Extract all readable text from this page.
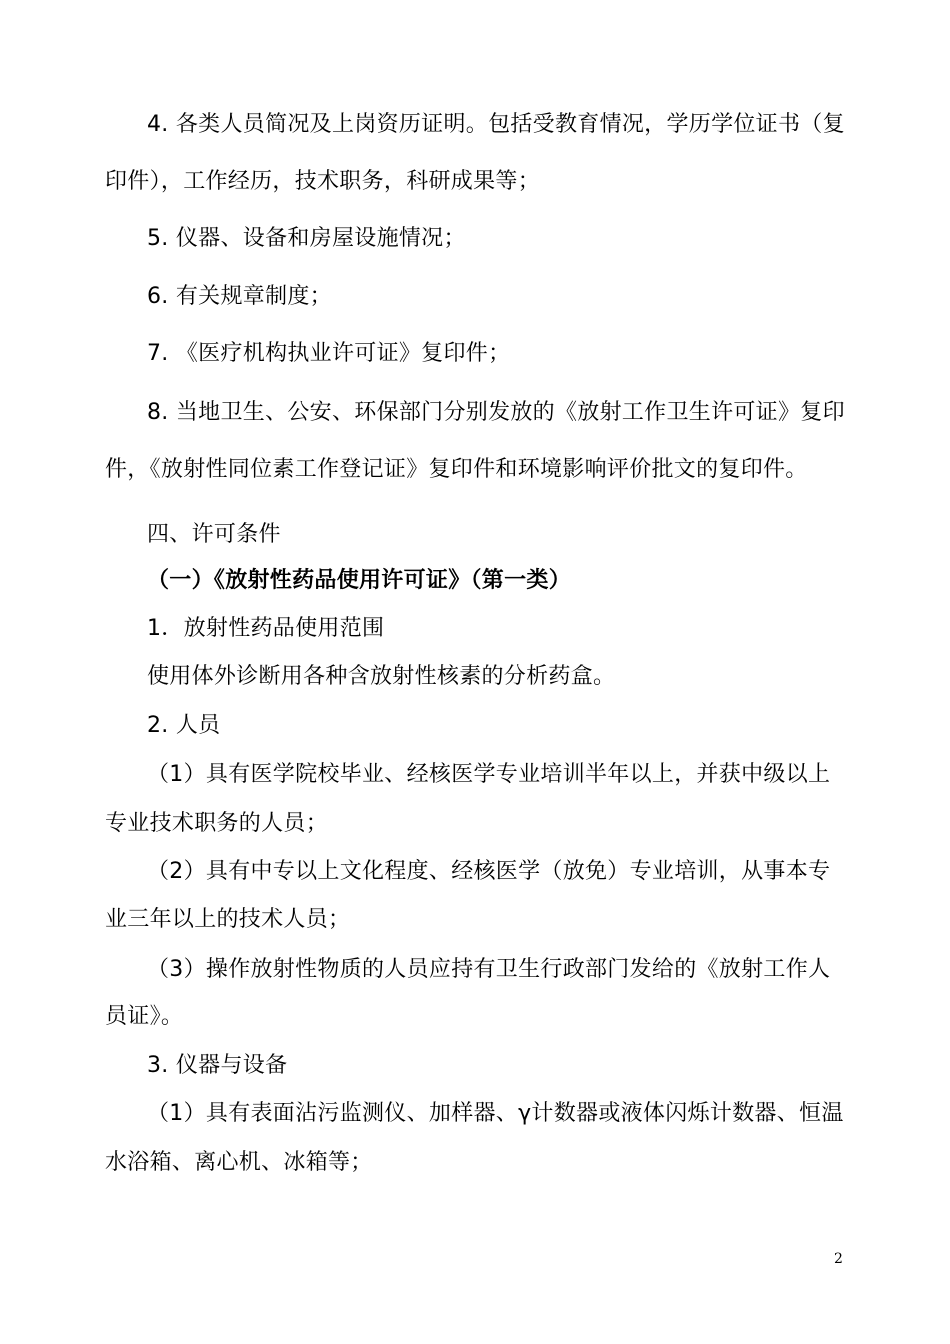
4. 各类人员简况及上岗资历证明。包括受教育情况，学历学位证书（复
印件），工作经历，技术职务，科研成果等；
5. 仪器、设备和房屋设施情况；
6. 有关规章制度；
7. 《医疗机构执业许可证》复印件；
8. 当地卫生、公安、环保部门分别发放的《放射工作卫生许可证》复印
件，《放射性同位素工作登记证》复印件和环境影响评价批文的复印件。
四、许可条件
（一）《放射性药品使用许可证》（第一类）
1．放射性药品使用范围
使用体外诊断用各种含放射性核素的分析药盒。
2. 人员
（1）具有医学院校毕业、经核医学专业培训半年以上，并获中级以上
专业技术职务的人员；
（2）具有中专以上文化程度、经核医学（放免）专业培训，从事本专
业三年以上的技术人员；
（3）操作放射性物质的人员应持有卫生行政部门发给的《放射工作人
员证》。
3. 仪器与设备
（1）具有表面沾污监测仪、加样器、γ计数器或液体闪烁计数器、恒温
水浴箱、离心机、冰箱等；
2
